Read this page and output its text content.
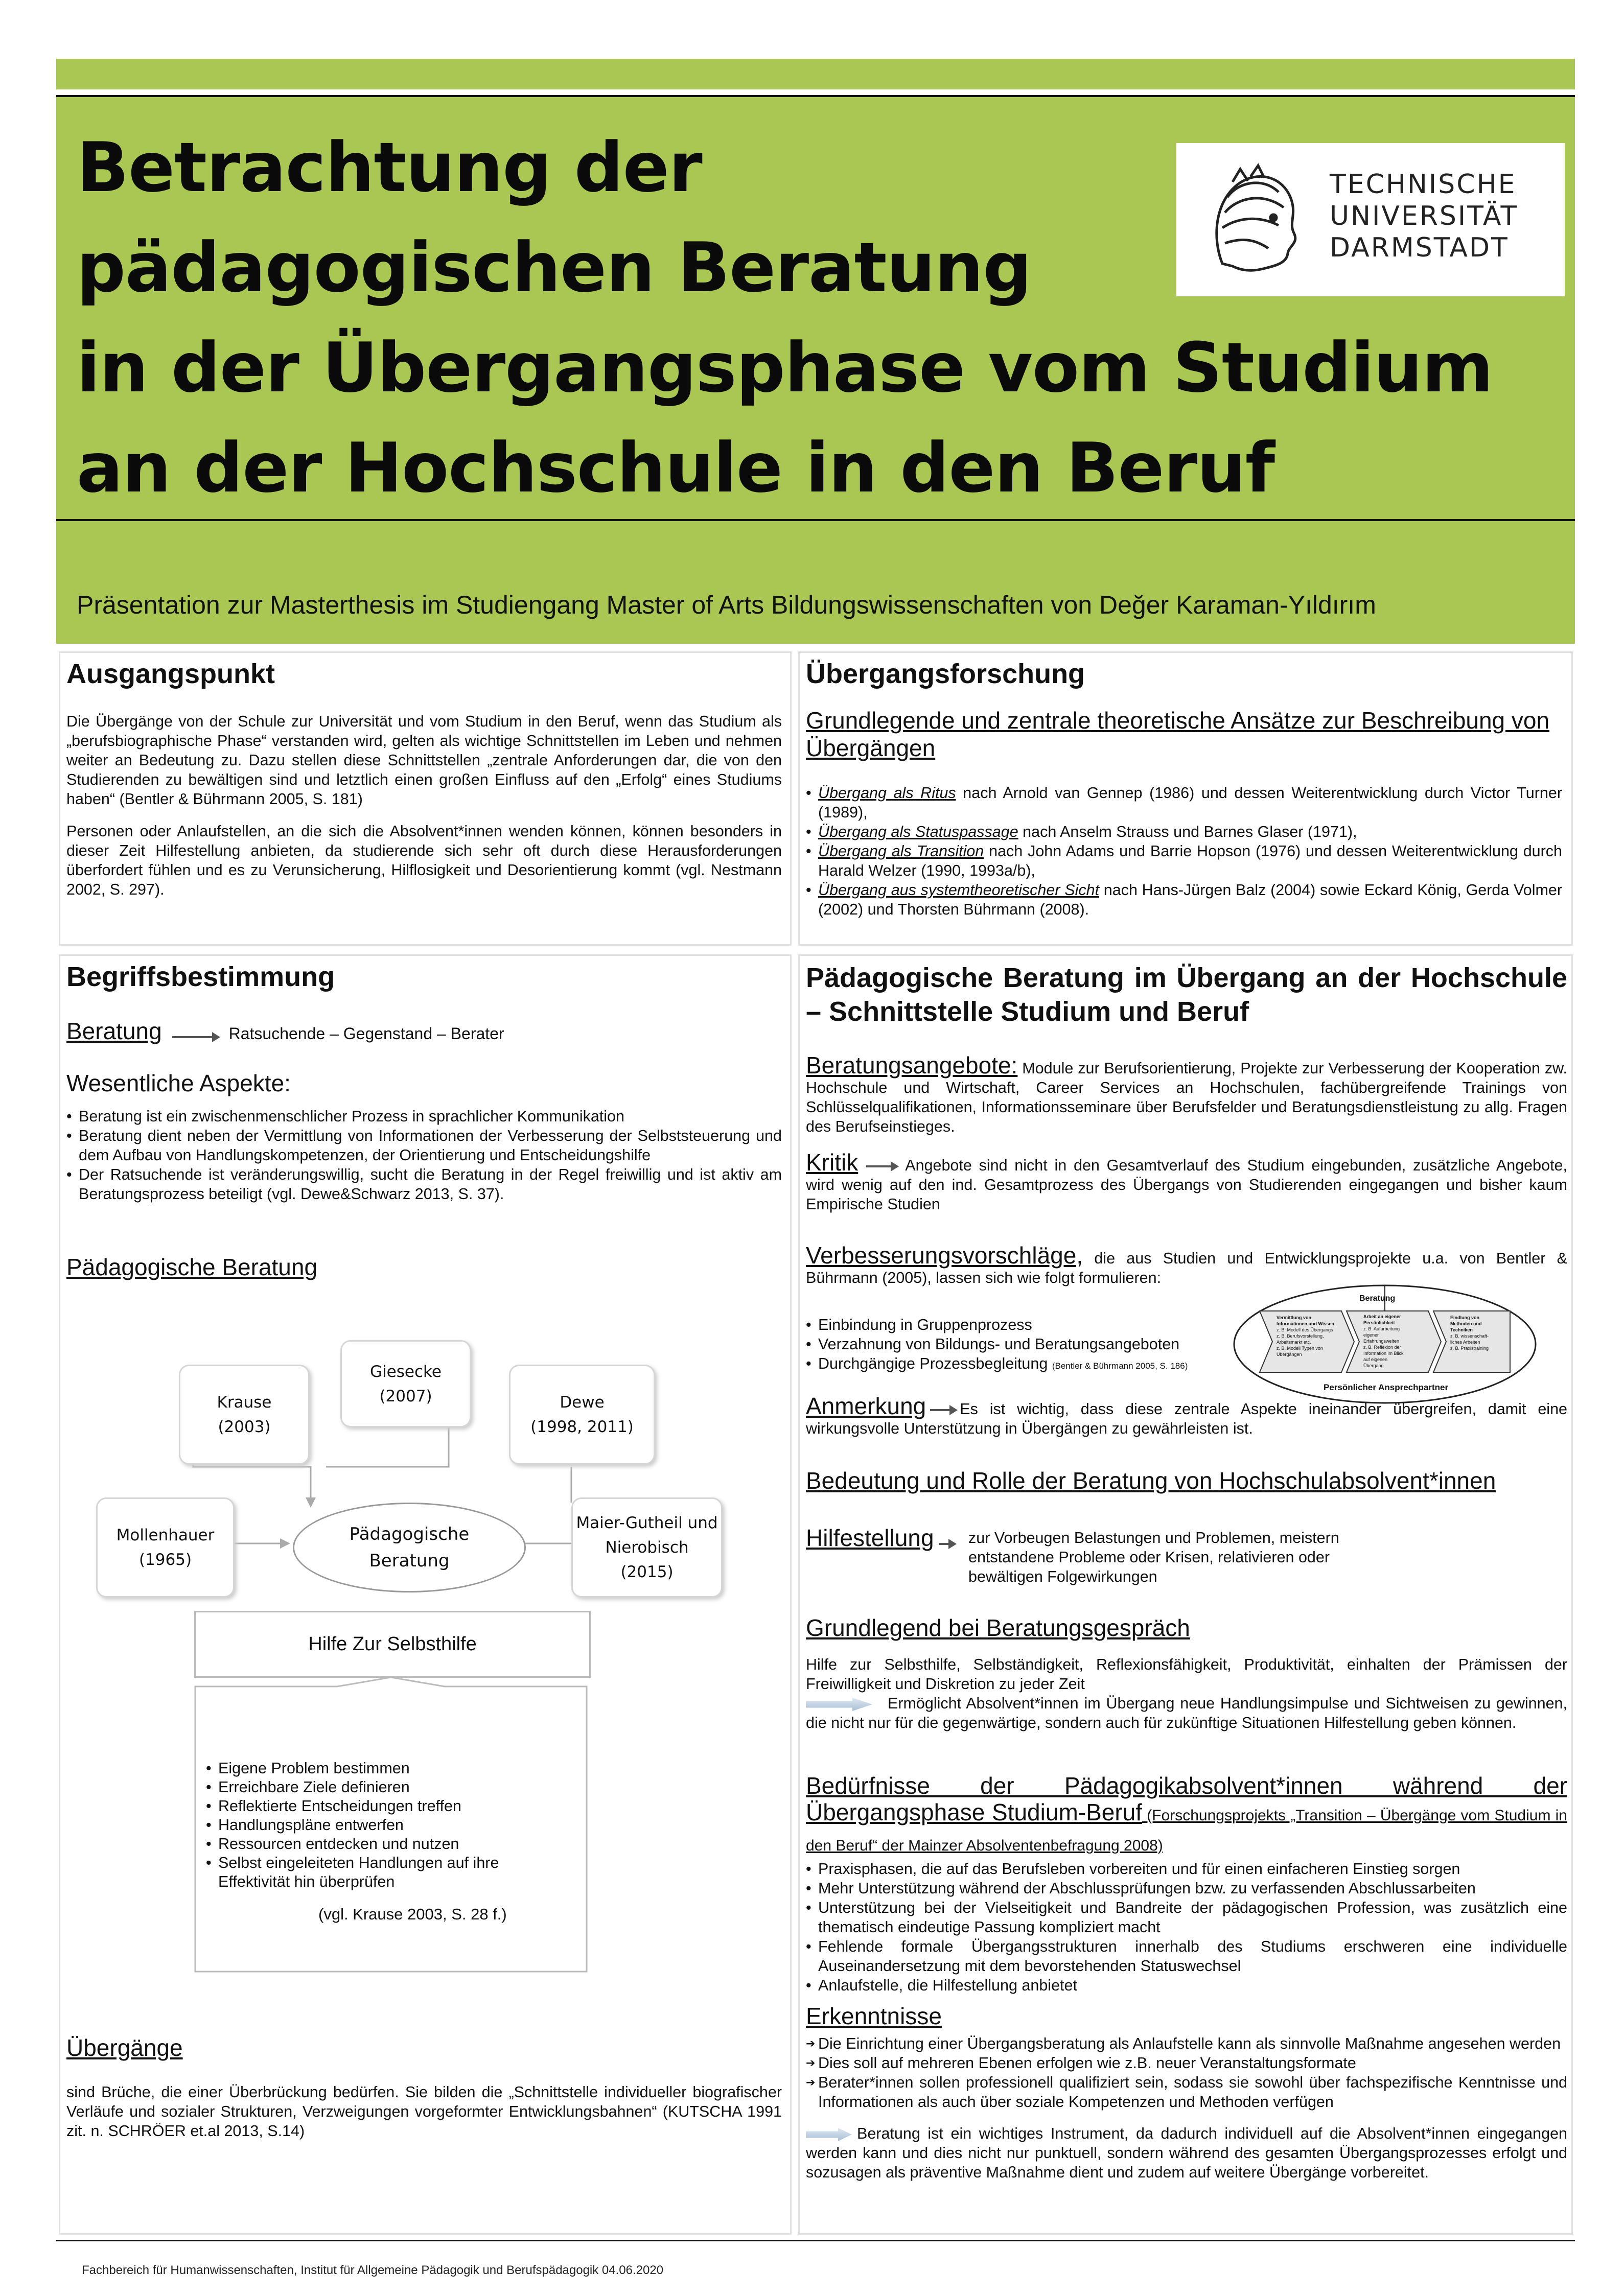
Betrachtung der
pädagogischen Beratung
in der Übergangsphase vom Studium
an der Hochschule in den Beruf
TECHNISCHE
UNIVERSITÄT
DARMSTADT
Präsentation zur Masterthesis im Studiengang Master of Arts Bildungswissenschaften von Değer Karaman-Yıldırım
Ausgangspunkt
Die Übergänge von der Schule zur Universität und vom Studium in den Beruf, wenn das Studium als „berufsbiographische Phase“ verstanden wird, gelten als wichtige Schnittstellen im Leben und nehmen weiter an Bedeutung zu. Dazu stellen diese Schnittstellen „zentrale Anforderungen dar, die von den Studierenden zu bewältigen sind und letztlich einen großen Einfluss auf den „Erfolg“ eines Studiums haben“ (Bentler & Bührmann 2005, S. 181)
Personen oder Anlaufstellen, an die sich die Absolvent*innen wenden können, können besonders in dieser Zeit Hilfestellung anbieten, da studierende sich sehr oft durch diese Herausforderungen überfordert fühlen und es zu Verunsicherung, Hilflosigkeit und Desorientierung kommt (vgl. Nestmann 2002, S. 297).
Übergangsforschung
Grundlegende und zentrale theoretische Ansätze zur Beschreibung von Übergängen
• Übergang als Ritus nach Arnold van Gennep (1986) und dessen Weiterentwicklung durch Victor Turner (1989),
• Übergang als Statuspassage nach Anselm Strauss und Barnes Glaser (1971),
• Übergang als Transition nach John Adams und Barrie Hopson (1976) und dessen Weiterentwicklung durch Harald Welzer (1990, 1993a/b),
• Übergang aus systemtheoretischer Sicht nach Hans-Jürgen Balz (2004) sowie Eckard König, Gerda Volmer (2002) und Thorsten Bührmann (2008).
Begriffsbestimmung
Beratung	Ratsuchende – Gegenstand – Berater
Wesentliche Aspekte:
• Beratung ist ein zwischenmenschlicher Prozess in sprachlicher Kommunikation
• Beratung dient neben der Vermittlung von Informationen der Verbesserung der Selbststeuerung und dem Aufbau von Handlungskompetenzen, der Orientierung und Entscheidungshilfe
• Der Ratsuchende ist veränderungswillig, sucht die Beratung in der Regel freiwillig und ist aktiv am Beratungsprozess beteiligt (vgl. Dewe&Schwarz 2013, S. 37).
Pädagogische Beratung
Krause
(2003)
Giesecke
(2007)	Dewe
(1998, 2011)
Mollenhauer
(1965)
Maier-Gutheil und Nierobisch
(2015)
Pädagogische Beratung
Hilfe Zur Selbsthilfe
• Eigene Problem bestimmen
• Erreichbare Ziele definieren
• Reflektierte Entscheidungen treffen
• Handlungspläne entwerfen
• Ressourcen entdecken und nutzen
• Selbst eingeleiteten Handlungen auf ihre Effektivität hin überprüfen
(vgl. Krause 2003, S. 28 f.)
Übergänge
sind Brüche, die einer Überbrückung bedürfen. Sie bilden die „Schnittstelle individueller biografischer Verläufe und sozialer Strukturen, Verzweigungen vorgeformter Entwicklungsbahnen“ (KUTSCHA 1991 zit. n. SCHRÖER et.al 2013, S.14)
Pädagogische Beratung im Übergang an der Hochschule – Schnittstelle Studium und Beruf
Beratungsangebote: Module zur Berufsorientierung, Projekte zur Verbesserung der Kooperation zw. Hochschule und Wirtschaft, Career Services an Hochschulen, fachübergreifende Trainings von Schlüsselqualifikationen, Informationsseminare über Berufsfelder und Beratungsdienstleistung zu allg. Fragen des Berufseinstieges.
Kritik	Angebote sind nicht in den Gesamtverlauf des Studium eingebunden, zusätzliche Angebote, wird wenig auf den ind. Gesamtprozess des Übergangs von Studierenden eingegangen und bisher kaum Empirische Studien
Verbesserungsvorschläge, die aus Studien und Entwicklungsprojekte u.a. von Bentler & Bührmann (2005), lassen sich wie folgt formulieren:
• Einbindung in Gruppenprozess
• Verzahnung von Bildungs- und Beratungsangeboten
• Durchgängige Prozessbegleitung (Bentler & Bührmann 2005, S. 186)
Beratung
Persönlicher Ansprechpartner
Vermittlung von
Informationen und Wissen
z. B. Modell des Übergangs
z. B. Berufsvorstellung,
Arbeitsmarkt etc.
z. B. Modell Typen von
Übergängen
Arbeit an eigener
Persönlichkeit
z. B. Aufarbeitung
eigener
Erfahrungswelten
z. B. Reflexion der
Information im Blick
auf eigenen
Übergang
Eindlung von
Methoden und
Techniken
z. B. wissenschaft-
liches Arbeiten
z. B. Praxistraining
Anmerkung Es ist wichtig, dass diese zentrale Aspekte ineinander übergreifen, damit eine wirkungsvolle Unterstützung in Übergängen zu gewährleisten ist.
Bedeutung und Rolle der Beratung von Hochschulabsolvent*innen
Hilfestellung	zur Vorbeugen Belastungen und Problemen, meistern
entstandene Probleme oder Krisen, relativieren oder
bewältigen Folgewirkungen
Grundlegend bei Beratungsgespräch
Hilfe zur Selbsthilfe, Selbständigkeit, Reflexionsfähigkeit, Produktivität, einhalten der Prämissen der Freiwilligkeit und Diskretion zu jeder Zeit
Ermöglicht Absolvent*innen im Übergang neue Handlungsimpulse und Sichtweisen zu gewinnen, die nicht nur für die gegenwärtige, sondern auch für zukünftige Situationen Hilfestellung geben können.
Bedürfnisse der Pädagogikabsolvent*innen während der Übergangsphase Studium-Beruf (Forschungsprojekts „Transition – Übergänge vom Studium in den Beruf“ der Mainzer Absolventenbefragung 2008)
• Praxisphasen, die auf das Berufsleben vorbereiten und für einen einfacheren Einstieg sorgen
• Mehr Unterstützung während der Abschlussprüfungen bzw. zu verfassenden Abschlussarbeiten
• Unterstützung bei der Vielseitigkeit und Bandreite der pädagogischen Profession, was zusätzlich eine thematisch eindeutige Passung kompliziert macht
• Fehlende formale Übergangsstrukturen innerhalb des Studiums erschweren eine individuelle Auseinandersetzung mit dem bevorstehenden Statuswechsel
• Anlaufstelle, die Hilfestellung anbietet
Erkenntnisse
➔ Die Einrichtung einer Übergangsberatung als Anlaufstelle kann als sinnvolle Maßnahme angesehen werden
➔ Dies soll auf mehreren Ebenen erfolgen wie z.B. neuer Veranstaltungsformate
➔ Berater*innen sollen professionell qualifiziert sein, sodass sie sowohl über fachspezifische Kenntnisse und Informationen als auch über soziale Kompetenzen und Methoden verfügen
Beratung ist ein wichtiges Instrument, da dadurch individuell auf die Absolvent*innen eingegangen werden kann und dies nicht nur punktuell, sondern während des gesamten Übergangsprozesses erfolgt und sozusagen als präventive Maßnahme dient und zudem auf weitere Übergänge vorbereitet.
Fachbereich für Humanwissenschaften, Institut für Allgemeine Pädagogik und Berufspädagogik 04.06.2020
